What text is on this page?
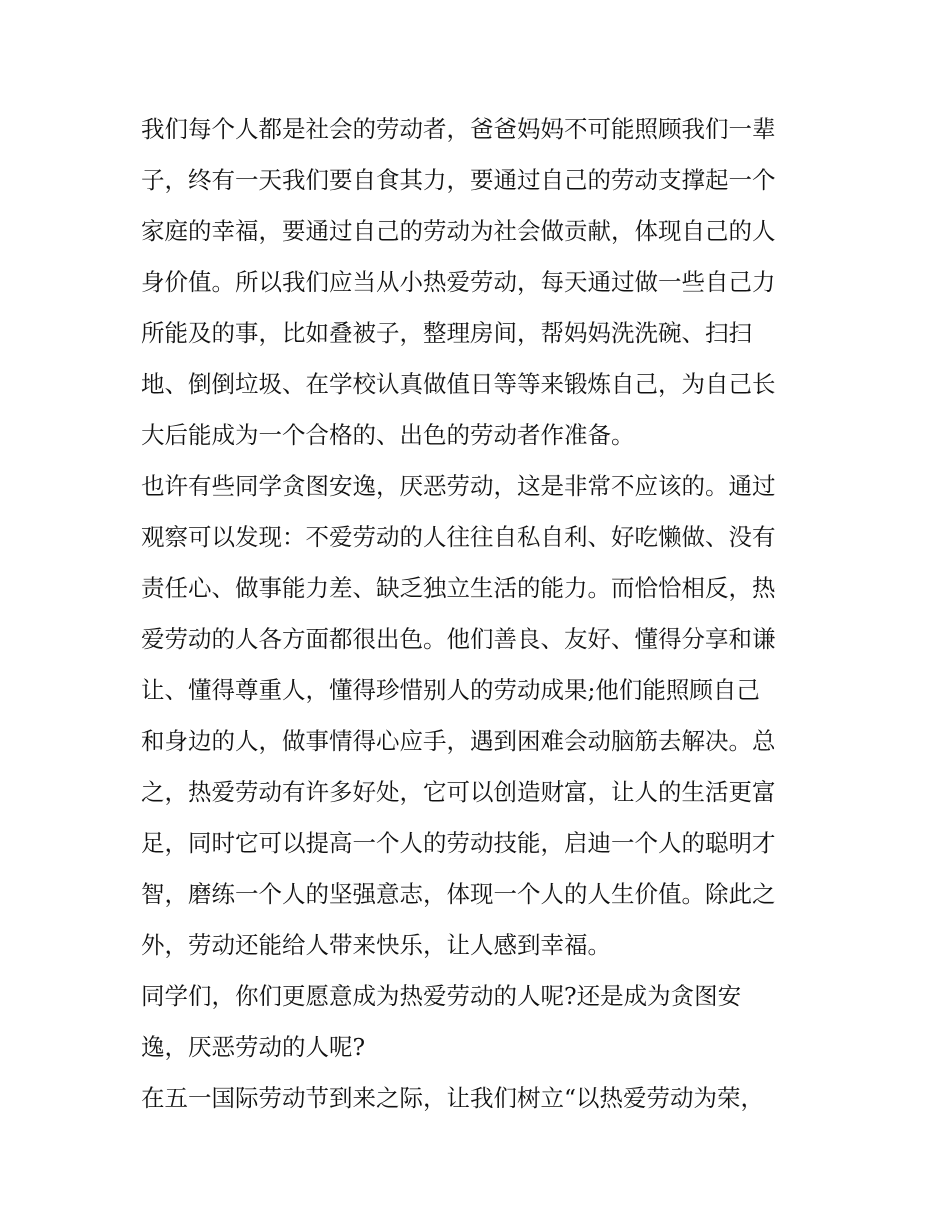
我们每个人都是社会的劳动者，爸爸妈妈不可能照顾我们一辈
子，终有一天我们要自食其力，要通过自己的劳动支撑起一个
家庭的幸福，要通过自己的劳动为社会做贡献，体现自己的人
身价值。所以我们应当从小热爱劳动，每天通过做一些自己力
所能及的事，比如叠被子，整理房间，帮妈妈洗洗碗、扫扫
地、倒倒垃圾、在学校认真做值日等等来锻炼自己，为自己长
大后能成为一个合格的、出色的劳动者作准备。
也许有些同学贪图安逸，厌恶劳动，这是非常不应该的。通过
观察可以发现：不爱劳动的人往往自私自利、好吃懒做、没有
责任心、做事能力差、缺乏独立生活的能力。而恰恰相反，热
爱劳动的人各方面都很出色。他们善良、友好、懂得分享和谦
让、懂得尊重人，懂得珍惜别人的劳动成果;他们能照顾自己
和身边的人，做事情得心应手，遇到困难会动脑筋去解决。总
之，热爱劳动有许多好处，它可以创造财富，让人的生活更富
足，同时它可以提高一个人的劳动技能，启迪一个人的聪明才
智，磨练一个人的坚强意志，体现一个人的人生价值。除此之
外，劳动还能给人带来快乐，让人感到幸福。
同学们，你们更愿意成为热爱劳动的人呢?还是成为贪图安
逸，厌恶劳动的人呢?
在五一国际劳动节到来之际，让我们树立“以热爱劳动为荣，
